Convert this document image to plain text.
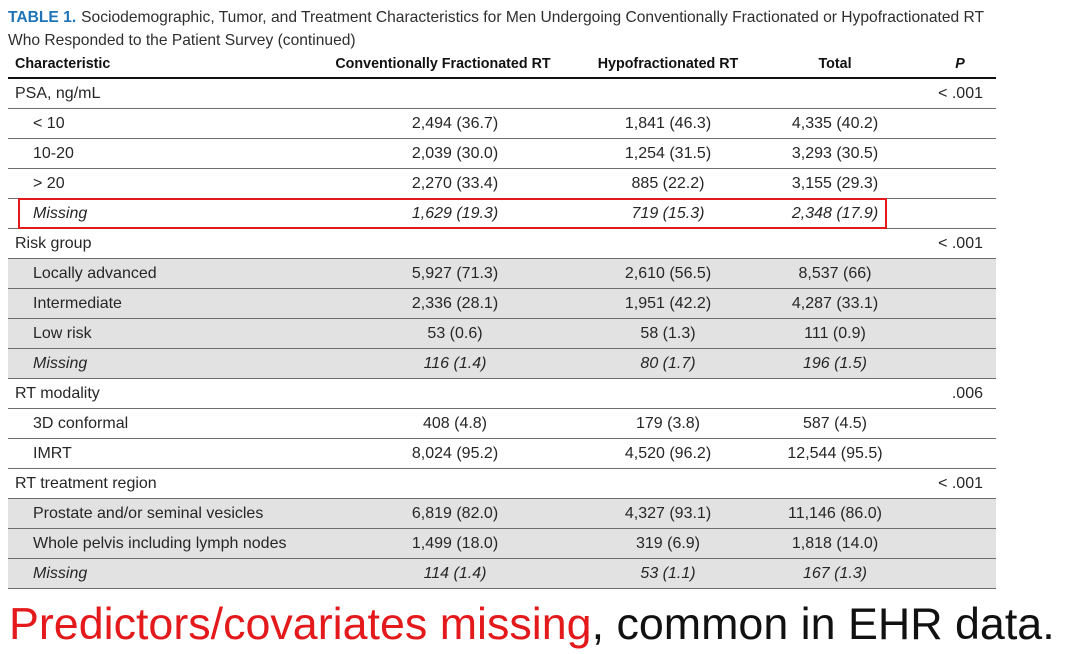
TABLE 1. Sociodemographic, Tumor, and Treatment Characteristics for Men Undergoing Conventionally Fractionated or Hypofractionated RT
Who Responded to the Patient Survey (continued)
Characteristic	Conventionally Fractionated RT	Hypofractionated RT	Total	P
PSA, ng/mL	< .001
< 10	2,494 (36.7)	1,841 (46.3)	4,335 (40.2)
10-20	2,039 (30.0)	1,254 (31.5)	3,293 (30.5)
> 20	2,270 (33.4)	885 (22.2)	3,155 (29.3)
Missing	1,629 (19.3)	719 (15.3)	2,348 (17.9)
Risk group	< .001
Locally advanced	5,927 (71.3)	2,610 (56.5)	8,537 (66)
Intermediate	2,336 (28.1)	1,951 (42.2)	4,287 (33.1)
Low risk	53 (0.6)	58 (1.3)	111 (0.9)
Missing	116 (1.4)	80 (1.7)	196 (1.5)
RT modality	.006
3D conformal	408 (4.8)	179 (3.8)	587 (4.5)
IMRT	8,024 (95.2)	4,520 (96.2)	12,544 (95.5)
RT treatment region	< .001
Prostate and/or seminal vesicles	6,819 (82.0)	4,327 (93.1)	11,146 (86.0)
Whole pelvis including lymph nodes	1,499 (18.0)	319 (6.9)	1,818 (14.0)
Missing	114 (1.4)	53 (1.1)	167 (1.3)
Predictors/covariates missing, common in EHR data.
